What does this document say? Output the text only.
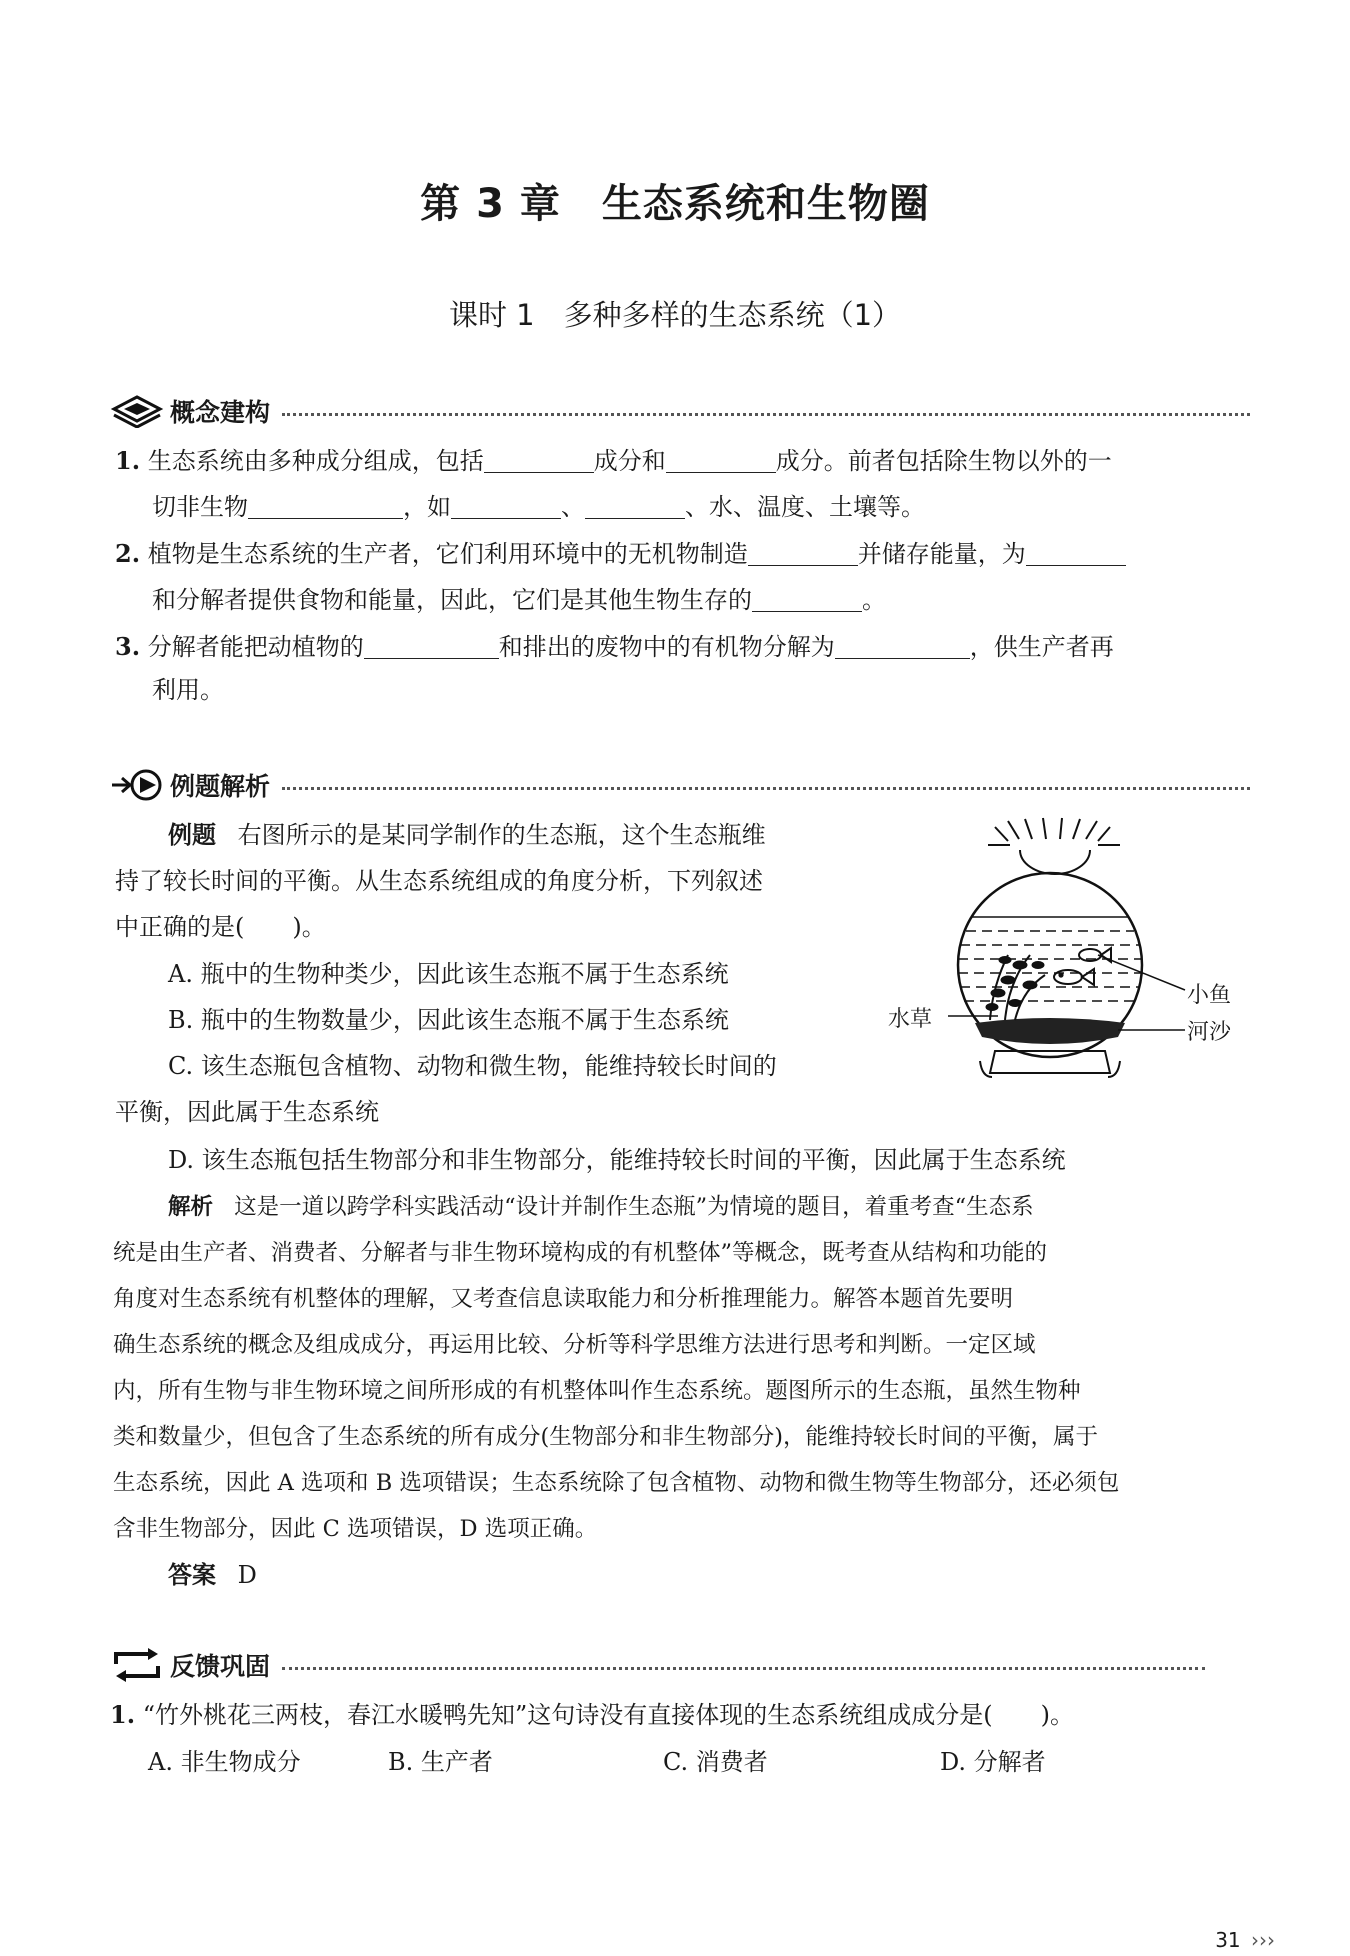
第 3 章　生态系统和生物圈
课时 1　多种多样的生态系统（1）
概念建构
1. 生态系统由多种成分组成，包括	成分和	成分。前者包括除生物以外的一
切非生物	，如	、	、水、温度、土壤等。
2. 植物是生态系统的生产者，它们利用环境中的无机物制造	并储存能量，为
和分解者提供食物和能量，因此，它们是其他生物生存的	。
3. 分解者能把动植物的	和排出的废物中的有机物分解为	，供生产者再
利用。
例题解析
例题 右图所示的是某同学制作的生态瓶，这个生态瓶维
持了较长时间的平衡。从生态系统组成的角度分析，下列叙述
中正确的是(　　)。
A. 瓶中的生物种类少，因此该生态瓶不属于生态系统
B. 瓶中的生物数量少，因此该生态瓶不属于生态系统
C. 该生态瓶包含植物、动物和微生物，能维持较长时间的
平衡，因此属于生态系统
D. 该生态瓶包括生物部分和非生物部分，能维持较长时间的平衡，因此属于生态系统
小鱼
河沙
水草
解析 这是一道以跨学科实践活动“设计并制作生态瓶”为情境的题目，着重考查“生态系
统是由生产者、消费者、分解者与非生物环境构成的有机整体”等概念，既考查从结构和功能的
角度对生态系统有机整体的理解，又考查信息读取能力和分析推理能力。解答本题首先要明
确生态系统的概念及组成成分，再运用比较、分析等科学思维方法进行思考和判断。一定区域
内，所有生物与非生物环境之间所形成的有机整体叫作生态系统。题图所示的生态瓶，虽然生物种
类和数量少，但包含了生态系统的所有成分(生物部分和非生物部分)，能维持较长时间的平衡，属于
生态系统，因此 A 选项和 B 选项错误；生态系统除了包含植物、动物和微生物等生物部分，还必须包
含非生物部分，因此 C 选项错误，D 选项正确。
答案 D
反馈巩固
1. “竹外桃花三两枝，春江水暖鸭先知”这句诗没有直接体现的生态系统组成成分是(　　)。
A. 非生物成分	B. 生产者	C. 消费者	D. 分解者
31 ›››
